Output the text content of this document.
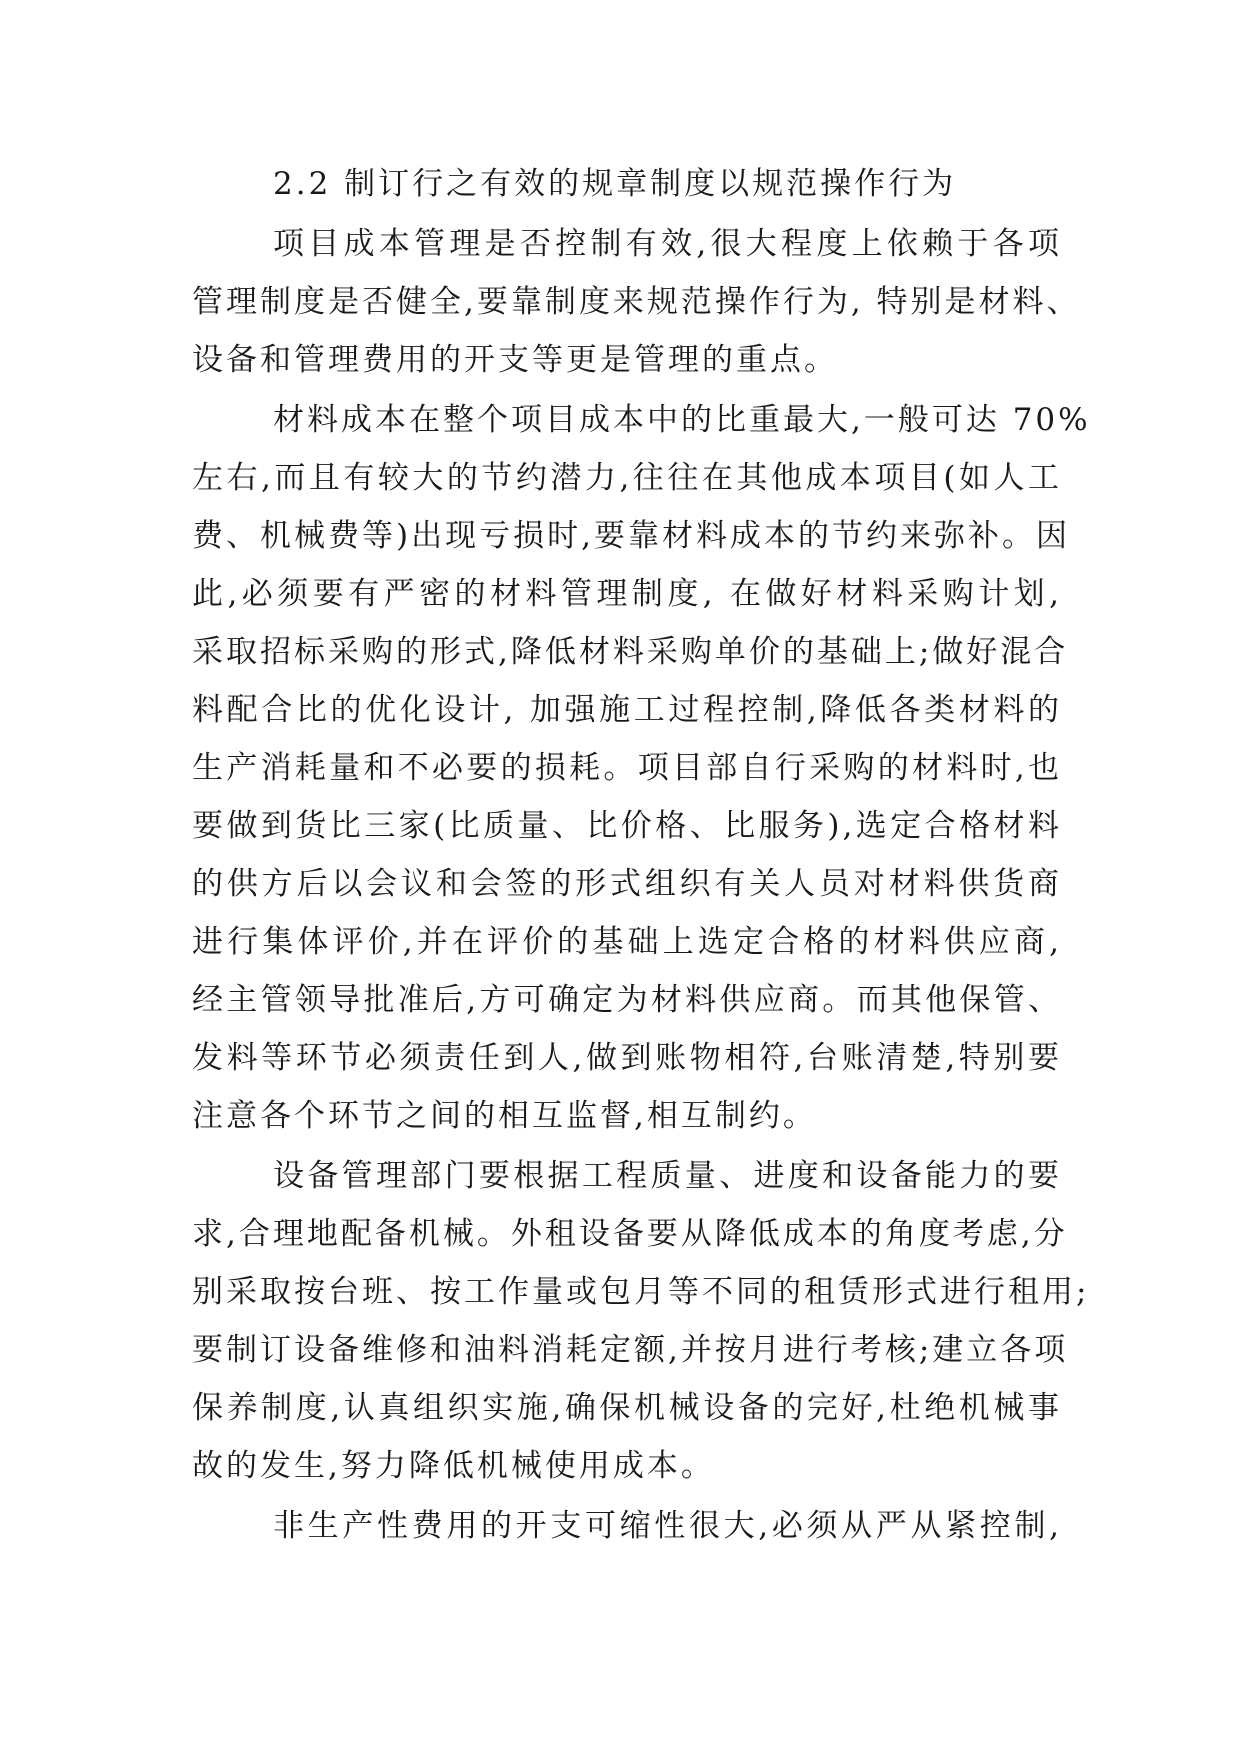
2.2 制订行之有效的规章制度以规范操作行为
项目成本管理是否控制有效,很大程度上依赖于各项
管理制度是否健全,要靠制度来规范操作行为, 特别是材料、
设备和管理费用的开支等更是管理的重点。
材料成本在整个项目成本中的比重最大,一般可达 70%
左右,而且有较大的节约潜力,往往在其他成本项目(如人工
费、机械费等)出现亏损时,要靠材料成本的节约来弥补。因
此,必须要有严密的材料管理制度, 在做好材料采购计划,
采取招标采购的形式,降低材料采购单价的基础上;做好混合
料配合比的优化设计, 加强施工过程控制,降低各类材料的
生产消耗量和不必要的损耗。项目部自行采购的材料时,也
要做到货比三家(比质量、比价格、比服务),选定合格材料
的供方后以会议和会签的形式组织有关人员对材料供货商
进行集体评价,并在评价的基础上选定合格的材料供应商,
经主管领导批准后,方可确定为材料供应商。而其他保管、
发料等环节必须责任到人,做到账物相符,台账清楚,特别要
注意各个环节之间的相互监督,相互制约。
设备管理部门要根据工程质量、进度和设备能力的要
求,合理地配备机械。外租设备要从降低成本的角度考虑,分
别采取按台班、按工作量或包月等不同的租赁形式进行租用;
要制订设备维修和油料消耗定额,并按月进行考核;建立各项
保养制度,认真组织实施,确保机械设备的完好,杜绝机械事
故的发生,努力降低机械使用成本。
非生产性费用的开支可缩性很大,必须从严从紧控制,
